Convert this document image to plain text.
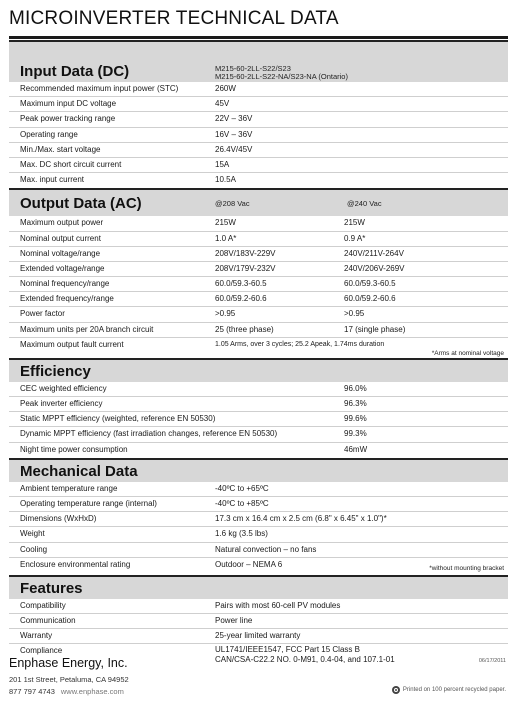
MICROINVERTER TECHNICAL DATA
Input Data (DC)	M215-60-2LL-S22/S23
M215-60-2LL-S22-NA/S23-NA (Ontario)
Recommended maximum input power (STC)	260W
Maximum input DC voltage	45V
Peak power tracking range	22V – 36V
Operating range	16V – 36V
Min./Max. start voltage	26.4V/45V
Max. DC short circuit current	15A
Max. input current	10.5A
Output Data (AC)	@208 Vac	@240 Vac
Maximum output power	215W	215W
Nominal output current	1.0 A*	0.9 A*
Nominal voltage/range	208V/183V-229V	240V/211V-264V
Extended voltage/range	208V/179V-232V	240V/206V-269V
Nominal frequency/range	60.0/59.3-60.5	60.0/59.3-60.5
Extended frequency/range	60.0/59.2-60.6	60.0/59.2-60.6
Power factor	>0.95	>0.95
Maximum units per 20A branch circuit	25 (three phase)	17 (single phase)
Maximum output fault current	1.05 Arms, over 3 cycles; 25.2 Apeak, 1.74ms duration
*Arms at nominal voltage
Efficiency
CEC weighted efficiency	96.0%
Peak inverter efficiency	96.3%
Static MPPT efficiency (weighted, reference EN 50530)	99.6%
Dynamic MPPT efficiency (fast irradiation changes, reference EN 50530)	99.3%
Night time power consumption	46mW
Mechanical Data
Ambient temperature range	-40ºC to +65ºC
Operating temperature range (internal)	-40ºC to +85ºC
Dimensions (WxHxD)	17.3 cm x 16.4 cm x 2.5 cm (6.8" x 6.45" x 1.0")*
Weight	1.6 kg (3.5 lbs)
Cooling	Natural convection – no fans
Enclosure environmental rating	Outdoor – NEMA 6	*without mounting bracket
Features
Compatibility	Pairs with most 60-cell PV modules
Communication	Power line
Warranty	25-year limited warranty
Compliance	UL1741/IEEE1547, FCC Part 15 Class B
CAN/CSA-C22.2 NO. 0-M91, 0.4-04, and 107.1-01
Enphase Energy, Inc.
201 1st Street, Petaluma, CA 94952
877 797 4743 www.enphase.com
06/17/2011
Printed on 100 percent recycled paper.
